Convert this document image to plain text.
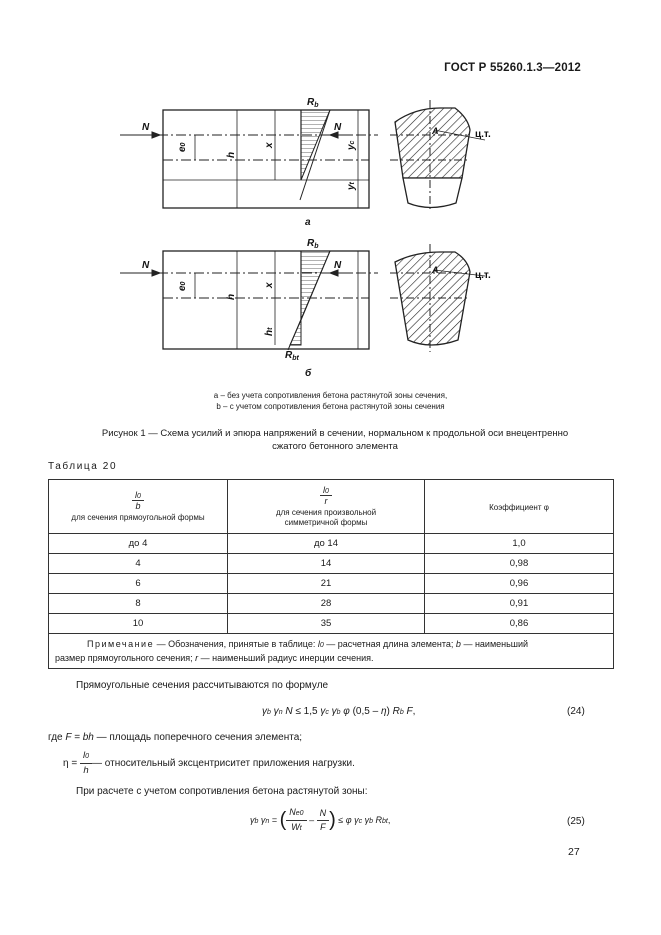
ГОСТ Р 55260.1.3—2012
$R_b$
N	N
e0
h
x	yc
yt
A	ц.т.
а
$R_b$
N	N
e0
h
x
ht
$R_{bt}$
A	ц.т.
б
а – без учета сопротивления бетона растянутой зоны сечения,
b – с учетом сопротивления бетона растянутой зоны сечения
Рисунок 1 — Схема усилий и эпюра напряжений в сечении, нормальном к продольной оси внецентренно
сжатого бетонного элемента
Таблица 20
$\frac{l0}{b}$
для сечения прямоугольной формы	$\frac{l0}{r}$
для сечения произвольной
симметричной формы	Коэффициент φ

до 4	до 14	1,0
4	14	0,98
6	21	0,96
8	28	0,91
10	35	0,86
Примечание — Обозначения, принятые в таблице: l0 — расчетная длина элемента; b — наименьший
размер прямоугольного сечения; r — наименьший радиус инерции сечения.		
Прямоугольные сечения рассчитываются по формуле
γb γn N ≤ 1,5 γc γb φ (0,5 – η) Rb F,	(24)
где F = bh — площадь поперечного сечения элемента;
η =
$\frac{l0}{h}$ — относительный эксцентриситет приложения нагрузки.
При расчете с учетом сопротивления бетона растянутой зоны:
γb γn = ( $\frac{Ne0}{Wt} - \frac{N}{F}$ ) ≤ φ γc γb Rbt ,	(25)
27
